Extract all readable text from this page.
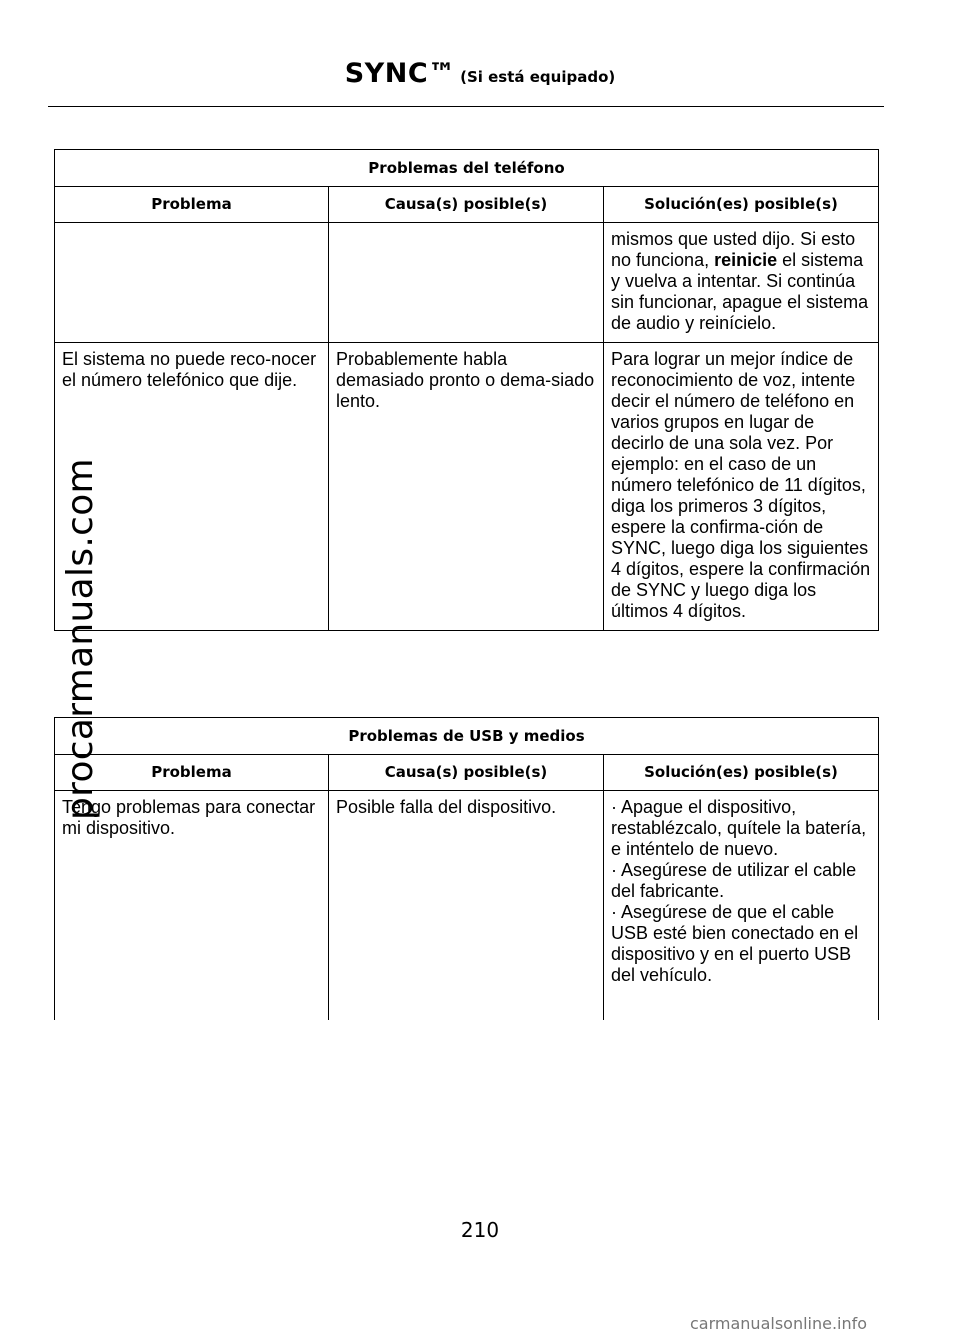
SYNC™ (Si está equipado)
Problemas del teléfono		
Problema	Causa(s) posible(s)	Solución(es) posible(s)
		mismos que usted dijo. Si esto no funciona, reinicie el sistema y vuelva a intentar. Si continúa sin funcionar, apague el sistema de audio y reinícielo.
El sistema no puede reco-nocer el número telefónico que dije.	Probablemente habla demasiado pronto o dema-siado lento.	Para lograr un mejor índice de reconocimiento de voz, intente decir el número de teléfono en varios grupos en lugar de decirlo de una sola vez. Por ejemplo: en el caso de un número telefónico de 11 dígitos, diga los primeros 3 dígitos, espere la confirma-ción de SYNC, luego diga los siguientes 4 dígitos, espere la confirmación de SYNC y luego diga los últimos 4 dígitos.
Problemas de USB y medios		
Problema	Causa(s) posible(s)	Solución(es) posible(s)
Tengo problemas para conectar mi dispositivo.	Posible falla del dispositivo.	· Apague el dispositivo, restablézcalo, quítele la batería, e inténtelo de nuevo.
· Asegúrese de utilizar el cable del fabricante.
· Asegúrese de que el cable USB esté bien conectado en el dispositivo y en el puerto USB del vehículo.
procarmanuals.com
210
carmanualsonline.info
